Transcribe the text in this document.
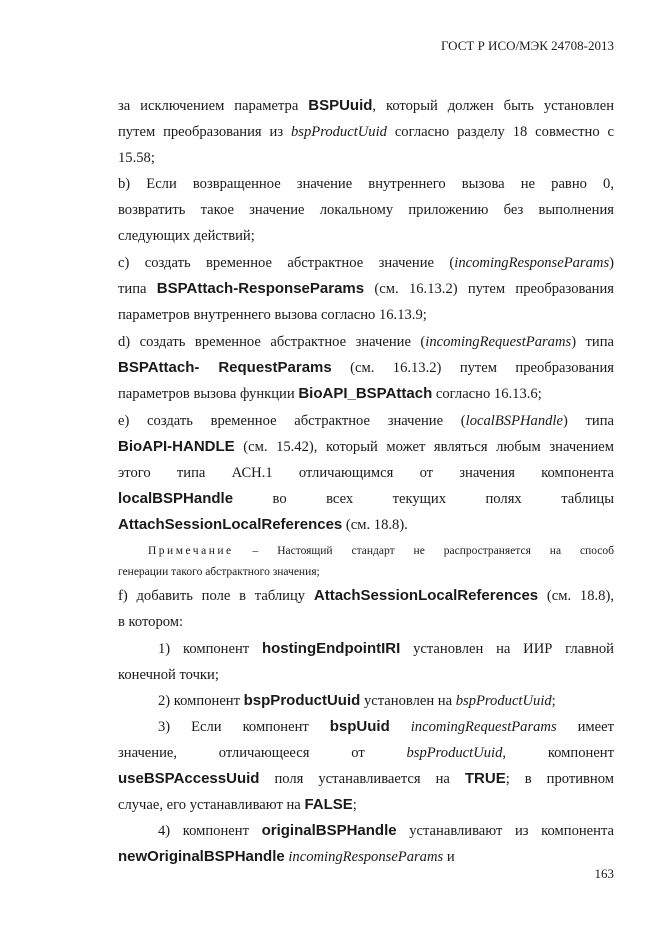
ГОСТ Р ИСО/МЭК 24708-2013
за исключением параметра BSPUuid, который должен быть установлен
путем преобразования из bspProductUuid согласно разделу 18 совместно с
15.58;
b) Если возвращенное значение внутреннего вызова не равно 0,
возвратить такое значение локальному приложению без выполнения
следующих действий;
c) создать временное абстрактное значение (incomingResponseParams)
типа BSPAttach-ResponseParams (см. 16.13.2) путем преобразования
параметров внутреннего вызова согласно 16.13.9;
d) создать временное абстрактное значение (incomingRequestParams) типа
BSPAttach- RequestParams (см. 16.13.2) путем преобразования
параметров вызова функции BioAPI_BSPAttach согласно 16.13.6;
e) создать временное абстрактное значение (localBSPHandle) типа
BioAPI-HANDLE (см. 15.42), который может являться любым значением
этого типа АСН.1 отличающимся от значения компонента
localBSPHandle во всех текущих полях таблицы
AttachSessionLocalReferences (см. 18.8).
Примечание – Настоящий стандарт не распространяется на способ
генерации такого абстрактного значения;
f) добавить поле в таблицу AttachSessionLocalReferences (см. 18.8),
в котором:
1) компонент hostingEndpointIRI установлен на ИИР главной
конечной точки;
2) компонент bspProductUuid установлен на bspProductUuid;
3) Если компонент bspUuid incomingRequestParams имеет
значение, отличающееся от bspProductUuid, компонент
useBSPAccessUuid поля устанавливается на TRUE; в противном
случае, его устанавливают на FALSE;
4) компонент originalBSPHandle устанавливают из компонента
newOriginalBSPHandle incomingResponseParams и
163
